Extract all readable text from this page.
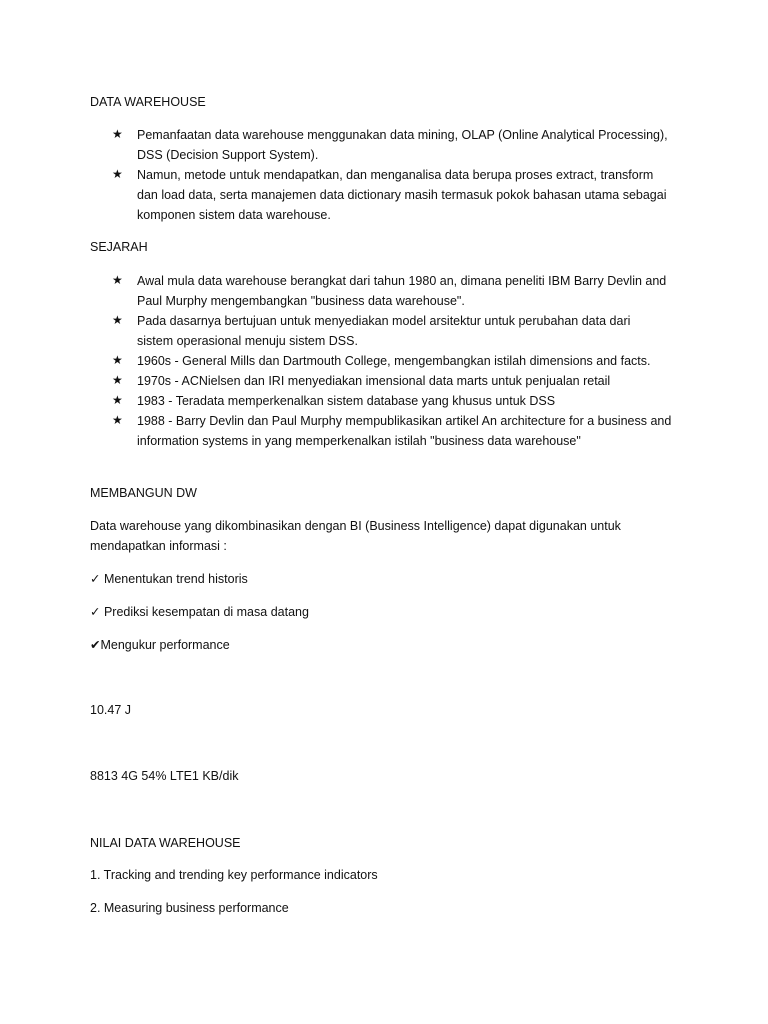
DATA WAREHOUSE
★ Pemanfaatan data warehouse menggunakan data mining, OLAP (Online Analytical Processing),
DSS (Decision Support System).
★ Namun, metode untuk mendapatkan, dan menganalisa data berupa proses extract, transform
dan load data, serta manajemen data dictionary masih termasuk pokok bahasan utama sebagai
komponen sistem data warehouse.
SEJARAH
★ Awal mula data warehouse berangkat dari tahun 1980 an, dimana peneliti IBM Barry Devlin and
Paul Murphy mengembangkan "business data warehouse".
★ Pada dasarnya bertujuan untuk menyediakan model arsitektur untuk perubahan data dari
sistem operasional menuju sistem DSS.
★ 1960s - General Mills dan Dartmouth College, mengembangkan istilah dimensions and facts.
★ 1970s - ACNielsen dan IRI menyediakan imensional data marts untuk penjualan retail
★ 1983 - Teradata memperkenalkan sistem database yang khusus untuk DSS
★ 1988 - Barry Devlin dan Paul Murphy mempublikasikan artikel An architecture for a business and
information systems in yang memperkenalkan istilah "business data warehouse"
MEMBANGUN DW
Data warehouse yang dikombinasikan dengan BI (Business Intelligence) dapat digunakan untuk
mendapatkan informasi :
✓ Menentukan trend historis
✓ Prediksi kesempatan di masa datang
✔Mengukur performance
10.47 J
8813 4G 54% LTE1 KB/dik
NILAI DATA WAREHOUSE
1. Tracking and trending key performance indicators
2. Measuring business performance
